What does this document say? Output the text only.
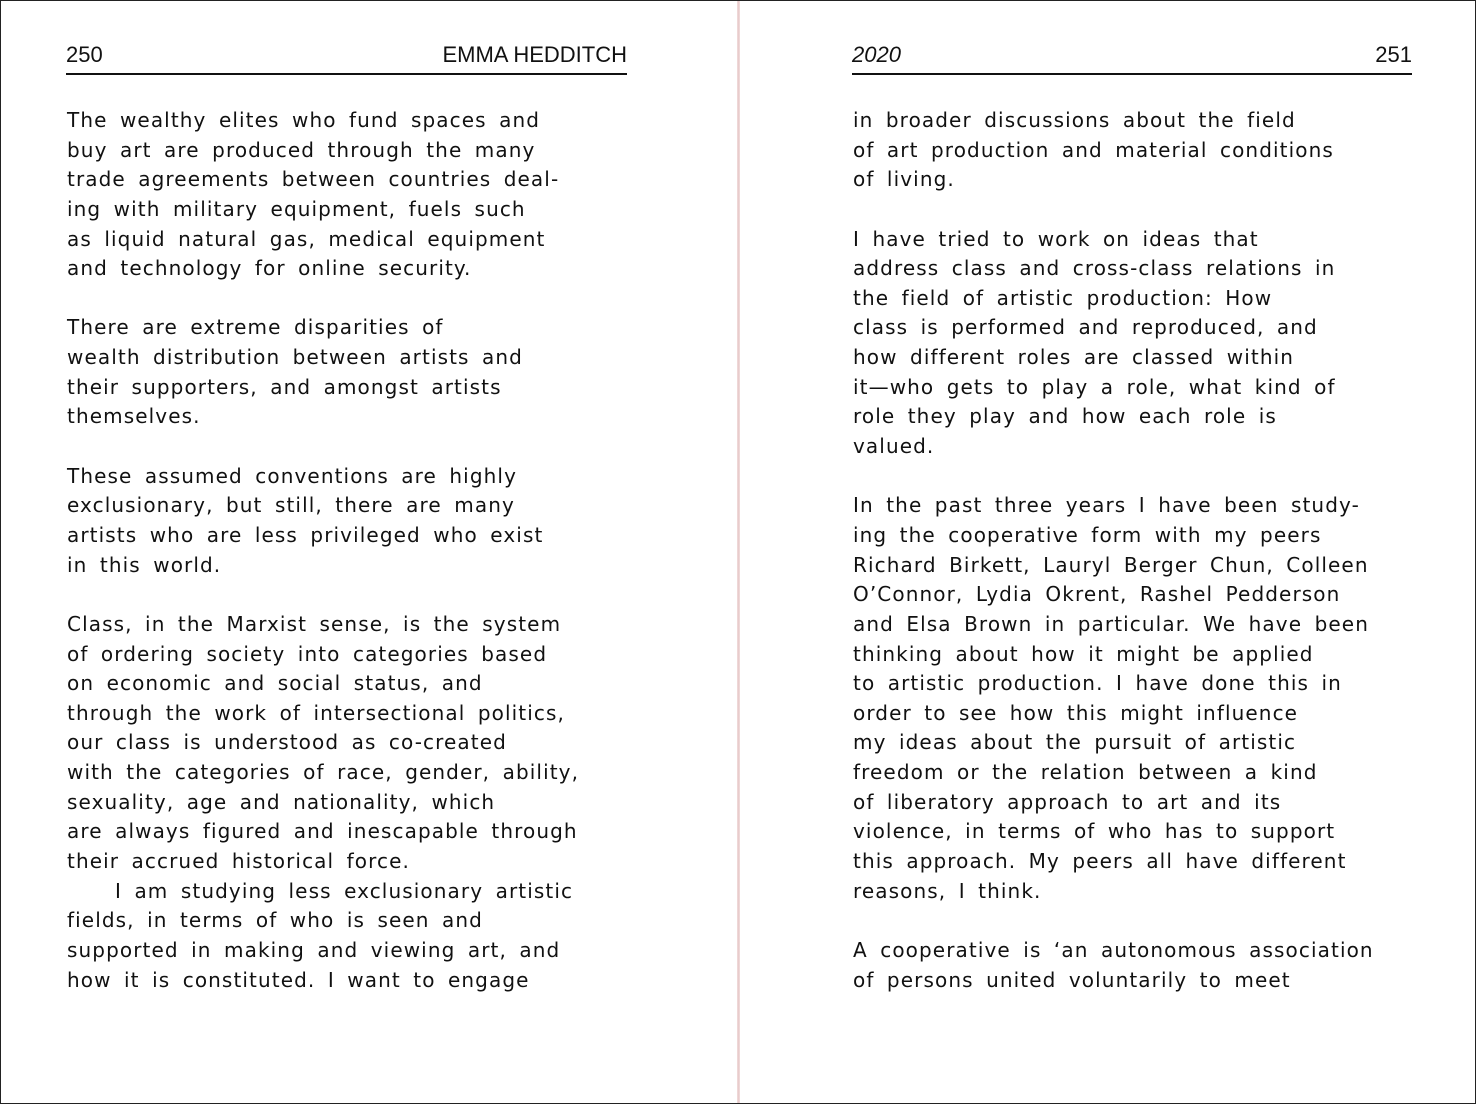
250	EMMA HEDDITCH
The wealthy elites who fund spaces and
buy art are produced through the many
trade agreements between countries deal-
ing with military equipment, fuels such
as liquid natural gas, medical equipment
and technology for online security.
There are extreme disparities of
wealth distribution between artists and
their supporters, and amongst artists
themselves.
These assumed conventions are highly
exclusionary, but still, there are many
artists who are less privileged who exist
in this world.
Class, in the Marxist sense, is the system
of ordering society into categories based
on economic and social status, and
through the work of intersectional politics,
our class is understood as co-created
with the categories of race, gender, ability,
sexuality, age and nationality, which
are always figured and inescapable through
their accrued historical force.
I am studying less exclusionary artistic
fields, in terms of who is seen and
supported in making and viewing art, and
how it is constituted. I want to engage
2020	251
in broader discussions about the field
of art production and material conditions
of living.
I have tried to work on ideas that
address class and cross-class relations in
the field of artistic production: How
class is performed and reproduced, and
how different roles are classed within
it—who gets to play a role, what kind of
role they play and how each role is
valued.
In the past three years I have been study-
ing the cooperative form with my peers
Richard Birkett, Lauryl Berger Chun, Colleen
O’Connor, Lydia Okrent, Rashel Pedderson
and Elsa Brown in particular. We have been
thinking about how it might be applied
to artistic production. I have done this in
order to see how this might influence
my ideas about the pursuit of artistic
freedom or the relation between a kind
of liberatory approach to art and its
violence, in terms of who has to support
this approach. My peers all have different
reasons, I think.
A cooperative is ‘an autonomous association
of persons united voluntarily to meet
